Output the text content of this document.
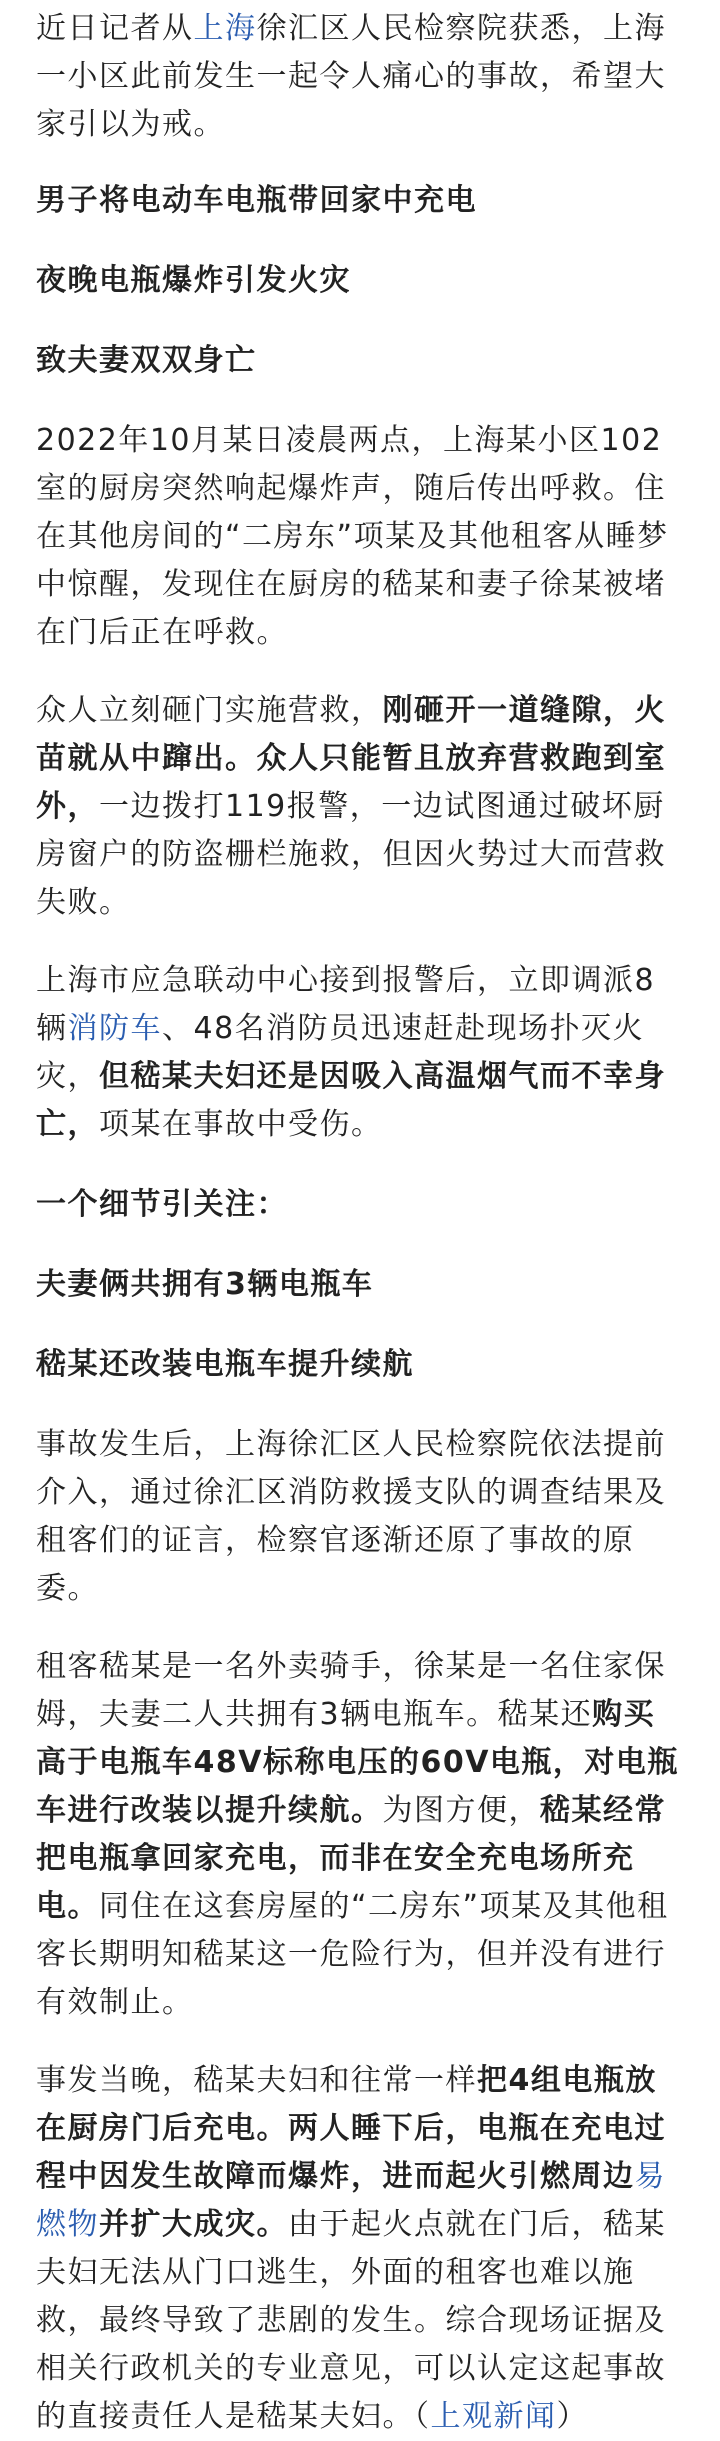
近日记者从上海徐汇区人民检察院获悉，上海一小区此前发生一起令人痛心的事故，希望大家引以为戒。

男子将电动车电瓶带回家中充电

夜晚电瓶爆炸引发火灾

致夫妻双双身亡

2022年10月某日凌晨两点，上海某小区102室的厨房突然响起爆炸声，随后传出呼救。住在其他房间的“二房东”项某及其他租客从睡梦中惊醒，发现住在厨房的嵇某和妻子徐某被堵在门后正在呼救。

众人立刻砸门实施营救，刚砸开一道缝隙，火苗就从中蹿出。众人只能暂且放弃营救跑到室外，一边拨打119报警，一边试图通过破坏厨房窗户的防盗栅栏施救，但因火势过大而营救失败。

上海市应急联动中心接到报警后，立即调派8辆消防车、48名消防员迅速赶赴现场扑灭火灾，但嵇某夫妇还是因吸入高温烟气而不幸身亡，项某在事故中受伤。

一个细节引关注：

夫妻俩共拥有3辆电瓶车

嵇某还改装电瓶车提升续航

事故发生后，上海徐汇区人民检察院依法提前介入，通过徐汇区消防救援支队的调查结果及租客们的证言，检察官逐渐还原了事故的原委。

租客嵇某是一名外卖骑手，徐某是一名住家保姆，夫妻二人共拥有3辆电瓶车。嵇某还购买高于电瓶车48V标称电压的60V电瓶，对电瓶车进行改装以提升续航。为图方便，嵇某经常把电瓶拿回家充电，而非在安全充电场所充电。同住在这套房屋的“二房东”项某及其他租客长期明知嵇某这一危险行为，但并没有进行有效制止。

事发当晚，嵇某夫妇和往常一样把4组电瓶放在厨房门后充电。两人睡下后，电瓶在充电过程中因发生故障而爆炸，进而起火引燃周边易燃物并扩大成灾。由于起火点就在门后，嵇某夫妇无法从门口逃生，外面的租客也难以施救，最终导致了悲剧的发生。综合现场证据及相关行政机关的专业意见，可以认定这起事故的直接责任人是嵇某夫妇。（上观新闻）
